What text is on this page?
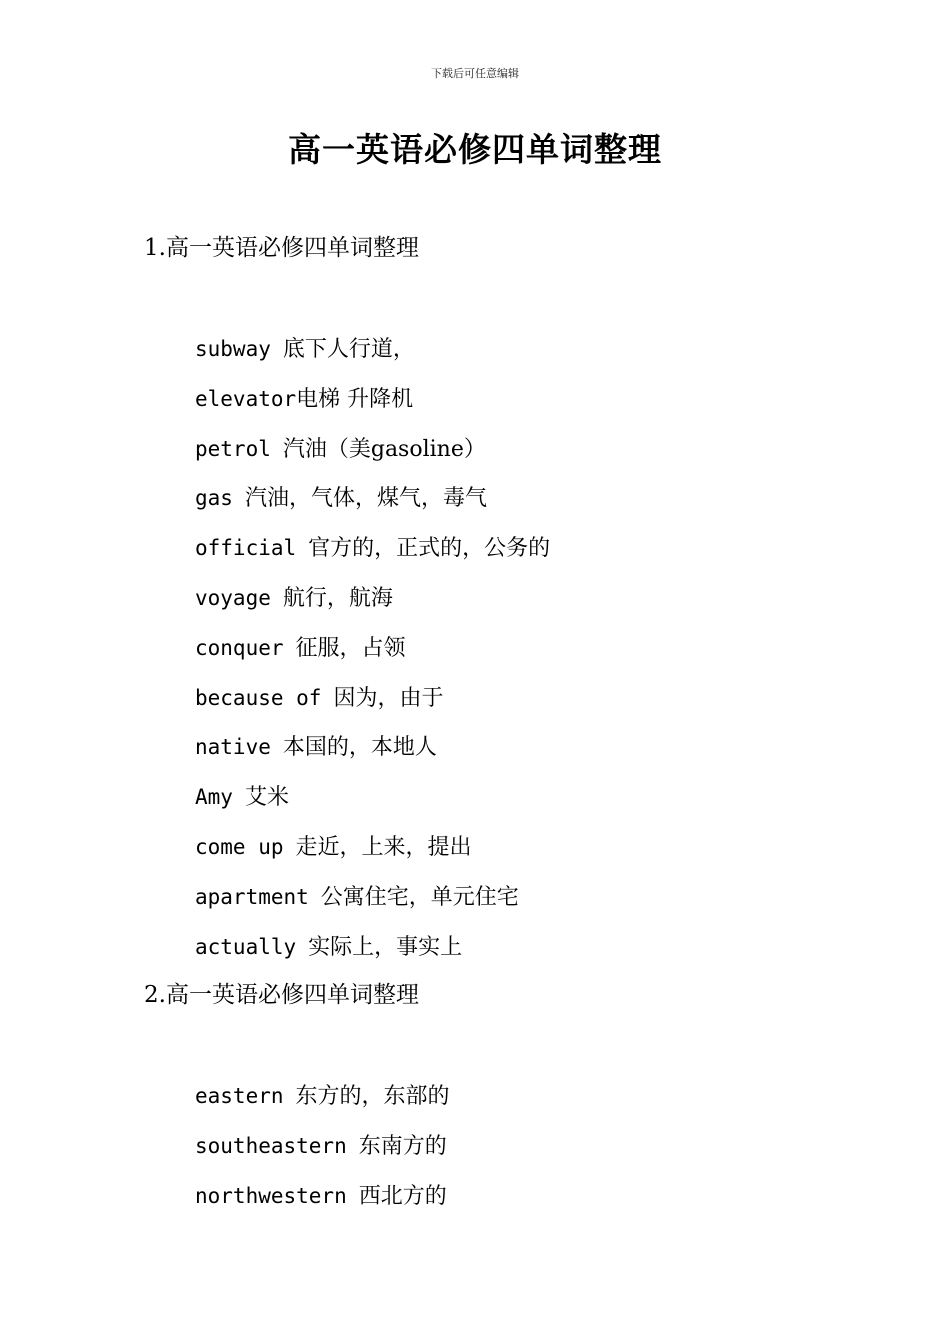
下载后可任意编辑
高一英语必修四单词整理
1.高一英语必修四单词整理
subway 底下人行道，
elevator电梯 升降机
petrol 汽油（美gasoline）
gas 汽油，气体，煤气，毒气
official 官方的，正式的，公务的
voyage 航行，航海
conquer 征服，占领
because of 因为，由于
native 本国的，本地人
Amy 艾米
come up 走近，上来，提出
apartment 公寓住宅，单元住宅
actually 实际上，事实上
2.高一英语必修四单词整理
eastern 东方的，东部的
southeastern 东南方的
northwestern 西北方的
